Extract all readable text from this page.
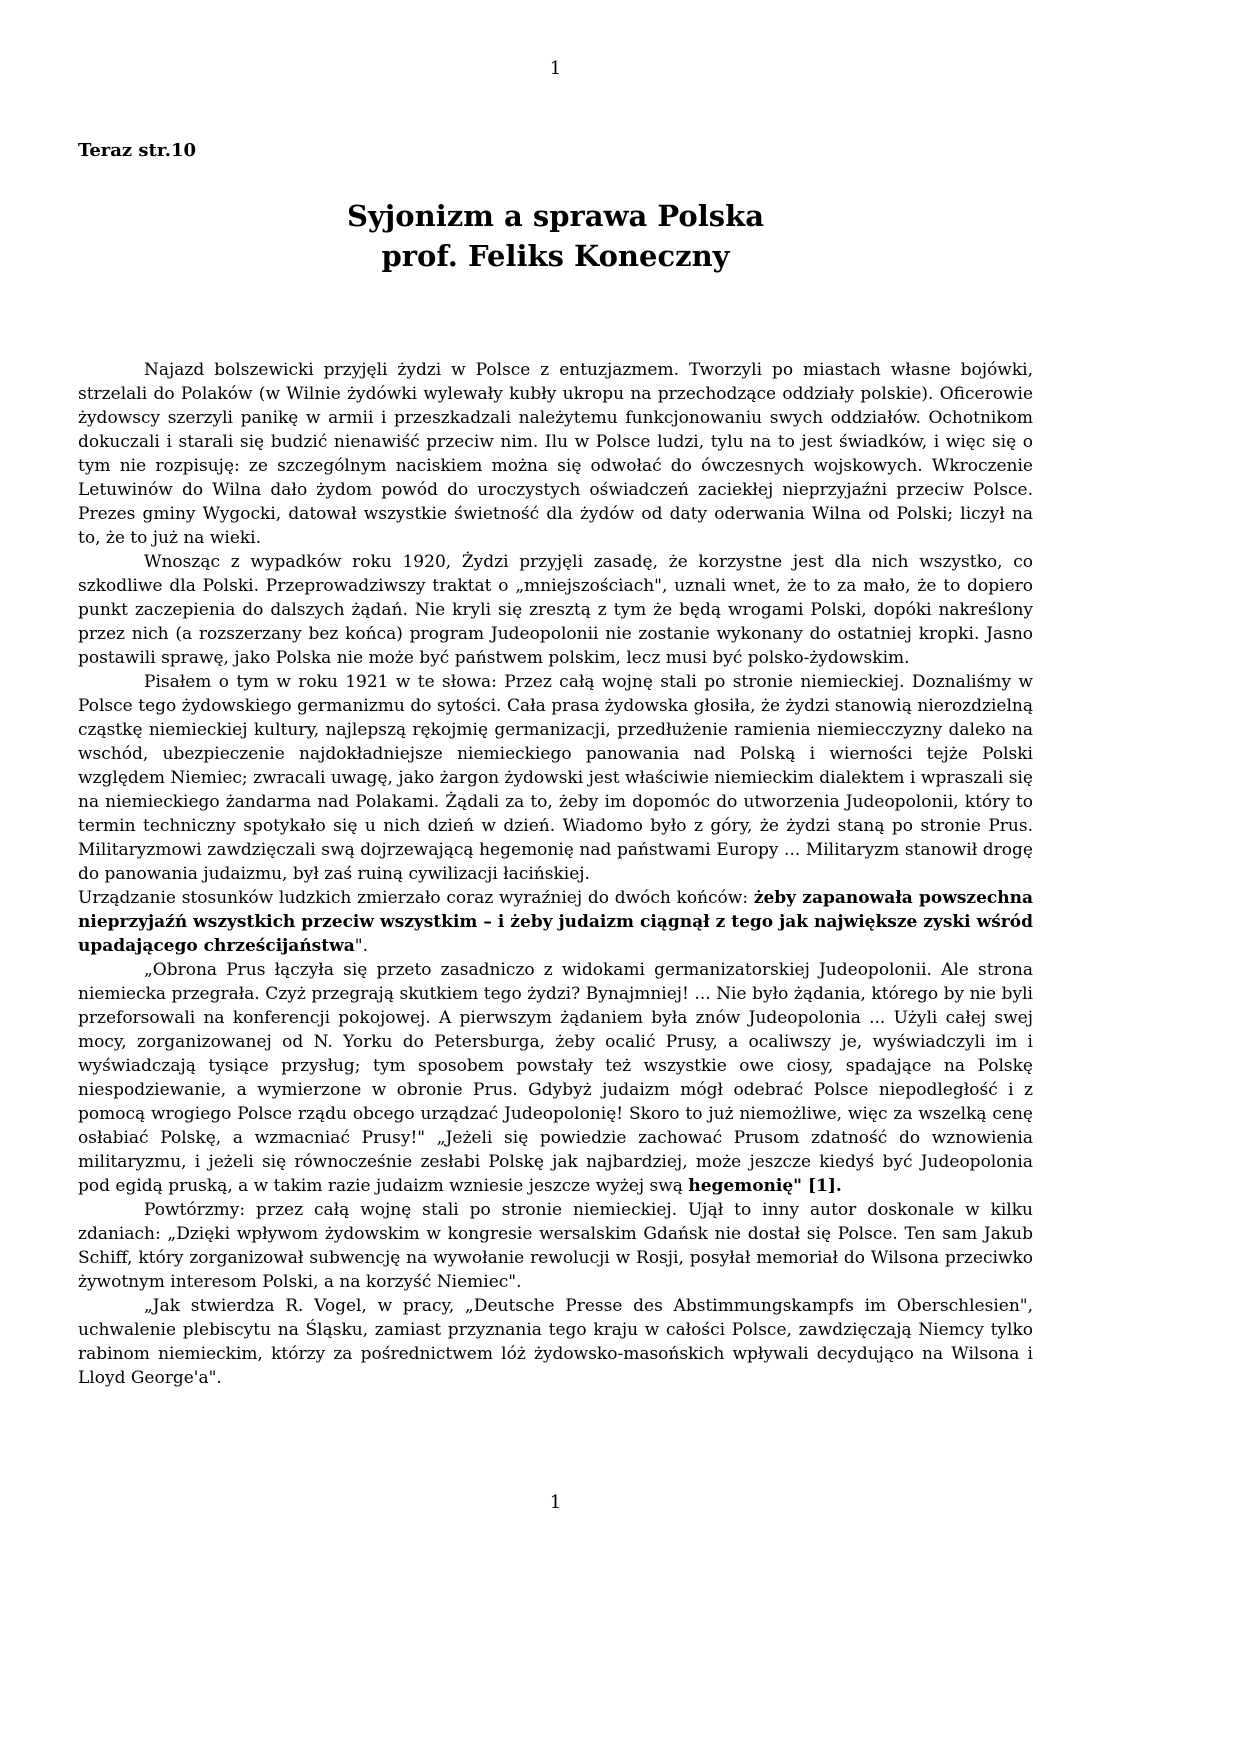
1
Teraz str.10
Syjonizm a sprawa Polska
prof. Feliks Koneczny

Najazd bolszewicki przyjęli żydzi w Polsce z entuzjazmem. Tworzyli po miastach własne bojówki, strzelali do Polaków (w Wilnie żydówki wylewały kubły ukropu na przechodzące oddziały polskie). Oficerowie żydowscy szerzyli panikę w armii i przeszkadzali należytemu funkcjonowaniu swych oddziałów. Ochotnikom dokuczali i starali się budzić nienawiść przeciw nim. Ilu w Polsce ludzi, tylu na to jest świadków, i więc się o tym nie rozpisuję: ze szczególnym naciskiem można się odwołać do ówczesnych wojskowych. Wkroczenie Letuwinów do Wilna dało żydom powód do uroczystych oświadczeń zaciekłej nieprzyjaźni przeciw Polsce. Prezes gminy Wygocki, datował wszystkie świetność dla żydów od daty oderwania Wilna od Polski; liczył na to, że to już na wieki.

Wnosząc z wypadków roku 1920, Żydzi przyjęli zasadę, że korzystne jest dla nich wszystko, co szkodliwe dla Polski. Przeprowadziwszy traktat o „mniejszościach", uznali wnet, że to za mało, że to dopiero punkt zaczepienia do dalszych żądań. Nie kryli się zresztą z tym że będą wrogami Polski, dopóki nakreślony przez nich (a rozszerzany bez końca) program Judeopolonii nie zostanie wykonany do ostatniej kropki. Jasno postawili sprawę, jako Polska nie może być państwem polskim, lecz musi być polsko-żydowskim.

Pisałem o tym w roku 1921 w te słowa: Przez całą wojnę stali po stronie niemieckiej. Doznaliśmy w Polsce tego żydowskiego germanizmu do sytości. Cała prasa żydowska głosiła, że żydzi stanowią nierozdzielną cząstkę niemieckiej kultury, najlepszą rękojmię germanizacji, przedłużenie ramienia niemiecczyzny daleko na wschód, ubezpieczenie najdokładniejsze niemieckiego panowania nad Polską i wierności tejże Polski względem Niemiec; zwracali uwagę, jako żargon żydowski jest właściwie niemieckim dialektem i wpraszali się na niemieckiego żandarma nad Polakami. Żądali za to, żeby im dopomóc do utworzenia Judeopolonii, który to termin techniczny spotykało się u nich dzień w dzień. Wiadomo było z góry, że żydzi staną po stronie Prus. Militaryzmowi zawdzięczali swą dojrzewającą hegemonię nad państwami Europy ... Militaryzm stanowił drogę do panowania judaizmu, był zaś ruiną cywilizacji łacińskiej.

Urządzanie stosunków ludzkich zmierzało coraz wyraźniej do dwóch końców: żeby zapanowała powszechna nieprzyjaźń wszystkich przeciw wszystkim – i żeby judaizm ciągnął z tego jak największe zyski wśród upadającego chrześcijaństwa".

„Obrona Prus łączyła się przeto zasadniczo z widokami germanizatorskiej Judeopolonii. Ale strona niemiecka przegrała. Czyż przegrają skutkiem tego żydzi? Bynajmniej! ... Nie było żądania, którego by nie byli przeforsowali na konferencji pokojowej. A pierwszym żądaniem była znów Judeopolonia ... Użyli całej swej mocy, zorganizowanej od N. Yorku do Petersburga, żeby ocalić Prusy, a ocaliwszy je, wyświadczyli im i wyświadczają tysiące przysług; tym sposobem powstały też wszystkie owe ciosy, spadające na Polskę niespodziewanie, a wymierzone w obronie Prus. Gdybyż judaizm mógł odebrać Polsce niepodległość i z pomocą wrogiego Polsce rządu obcego urządzać Judeopolonię! Skoro to już niemożliwe, więc za wszelką cenę osłabiać Polskę, a wzmacniać Prusy!" „Jeżeli się powiedzie zachować Prusom zdatność do wznowienia militaryzmu, i jeżeli się równocześnie zesłabi Polskę jak najbardziej, może jeszcze kiedyś być Judeopolonia pod egidą pruską, a w takim razie judaizm wzniesie jeszcze wyżej swą hegemonię" [1].

Powtórzmy: przez całą wojnę stali po stronie niemieckiej. Ujął to inny autor doskonale w kilku zdaniach: „Dzięki wpływom żydowskim w kongresie wersalskim Gdańsk nie dostał się Polsce. Ten sam Jakub Schiff, który zorganizował subwencję na wywołanie rewolucji w Rosji, posyłał memoriał do Wilsona przeciwko żywotnym interesom Polski, a na korzyść Niemiec".

„Jak stwierdza R. Vogel, w pracy, „Deutsche Presse des Abstimmungskampfs im Oberschlesien", uchwalenie plebiscytu na Śląsku, zamiast przyznania tego kraju w całości Polsce, zawdzięczają Niemcy tylko rabinom niemieckim, którzy za pośrednictwem lóż żydowsko-masońskich wpływali decydująco na Wilsona i Lloyd George'a".

1
